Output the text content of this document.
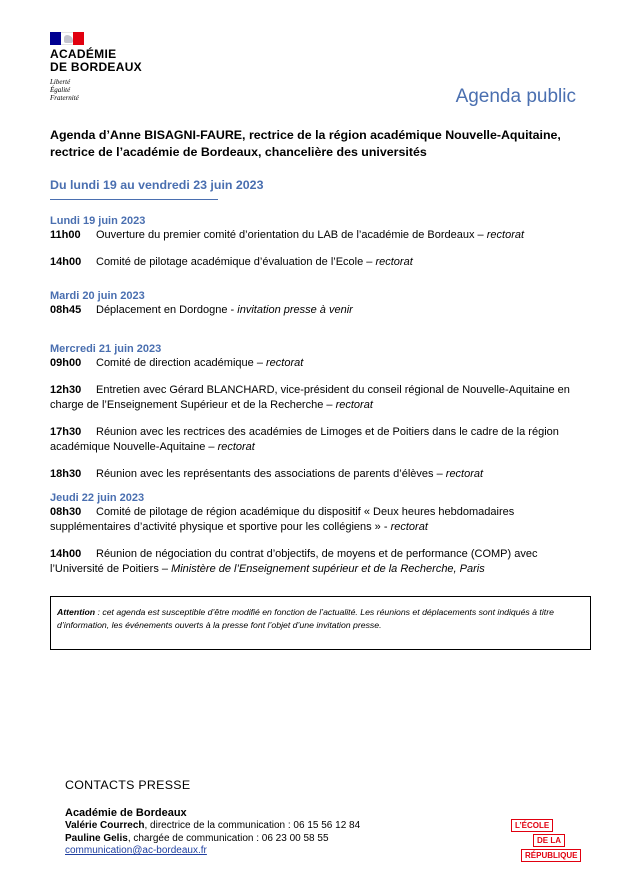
ACADÉMIE
DE BORDEAUX
Liberté
Égalité
Fraternité	Agenda public
Agenda d’Anne BISAGNI-FAURE, rectrice de la région académique Nouvelle-Aquitaine, rectrice de l’académie de Bordeaux, chancelière des universités
Du lundi 19 au vendredi 23 juin 2023
Lundi 19 juin 2023
11h00 Ouverture du premier comité d’orientation du LAB de l’académie de Bordeaux – rectorat
14h00 Comité de pilotage académique d’évaluation de l’Ecole – rectorat
Mardi 20 juin 2023
08h45 Déplacement en Dordogne - invitation presse à venir
Mercredi 21 juin 2023
09h00 Comité de direction académique – rectorat
12h30 Entretien avec Gérard BLANCHARD, vice-président du conseil régional de Nouvelle-Aquitaine en charge de l’Enseignement Supérieur et de la Recherche – rectorat
17h30 Réunion avec les rectrices des académies de Limoges et de Poitiers dans le cadre de la région académique Nouvelle-Aquitaine – rectorat
18h30 Réunion avec les représentants des associations de parents d’élèves – rectorat
Jeudi 22 juin 2023
08h30 Comité de pilotage de région académique du dispositif « Deux heures hebdomadaires supplémentaires d’activité physique et sportive pour les collégiens » - rectorat
14h00 Réunion de négociation du contrat d’objectifs, de moyens et de performance (COMP) avec l’Université de Poitiers – Ministère de l’Enseignement supérieur et de la Recherche, Paris
Attention : cet agenda est susceptible d’être modifié en fonction de l’actualité. Les réunions et déplacements sont indiqués à titre d’information, les événements ouverts à la presse font l’objet d’une invitation presse.
CONTACTS PRESSE
Académie de Bordeaux
Valérie Courrech, directrice de la communication : 06 15 56 12 84
Pauline Gelis, chargée de communication : 06 23 00 58 55
communication@ac-bordeaux.fr
L’ÉCOLE
DE LA
RÉPUBLIQUE
